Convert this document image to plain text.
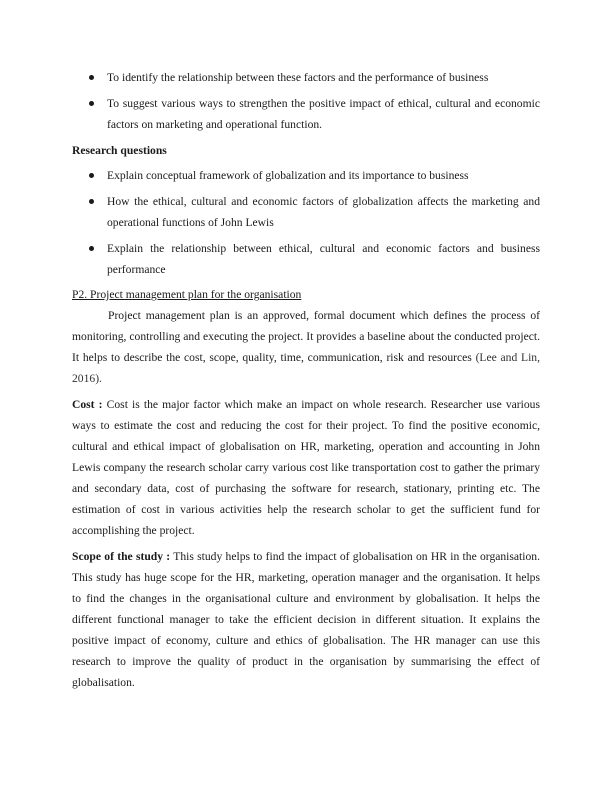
To identify the relationship between these factors and the performance of business
To suggest various ways to strengthen the positive impact of ethical, cultural and economic factors on marketing and operational function.
Research questions
Explain conceptual framework of globalization and its importance to business
How the ethical, cultural and economic factors of globalization affects the marketing and operational functions of John Lewis
Explain the relationship between ethical, cultural and economic factors and business performance
P2. Project management plan for the organisation

Project management plan is an approved, formal document which defines the process of monitoring, controlling and executing the project. It provides a baseline about the conducted project. It helps to describe the cost, scope, quality, time, communication, risk and resources (Lee and Lin, 2016).

Cost : Cost is the major factor which make an impact on whole research. Researcher use various ways to estimate the cost and reducing the cost for their project. To find the positive economic, cultural and ethical impact of globalisation on HR, marketing, operation and accounting in John Lewis company the research scholar carry various cost like transportation cost to gather the primary and secondary data, cost of purchasing the software for research, stationary, printing etc. The estimation of cost in various activities help the research scholar to get the sufficient fund for accomplishing the project.

Scope of the study : This study helps to find the impact of globalisation on HR in the organisation. This study has huge scope for the HR, marketing, operation manager and the organisation. It helps to find the changes in the organisational culture and environment by globalisation. It helps the different functional manager to take the efficient decision in different situation. It explains the positive impact of economy, culture and ethics of globalisation. The HR manager can use this research to improve the quality of product in the organisation by summarising the effect of globalisation.
